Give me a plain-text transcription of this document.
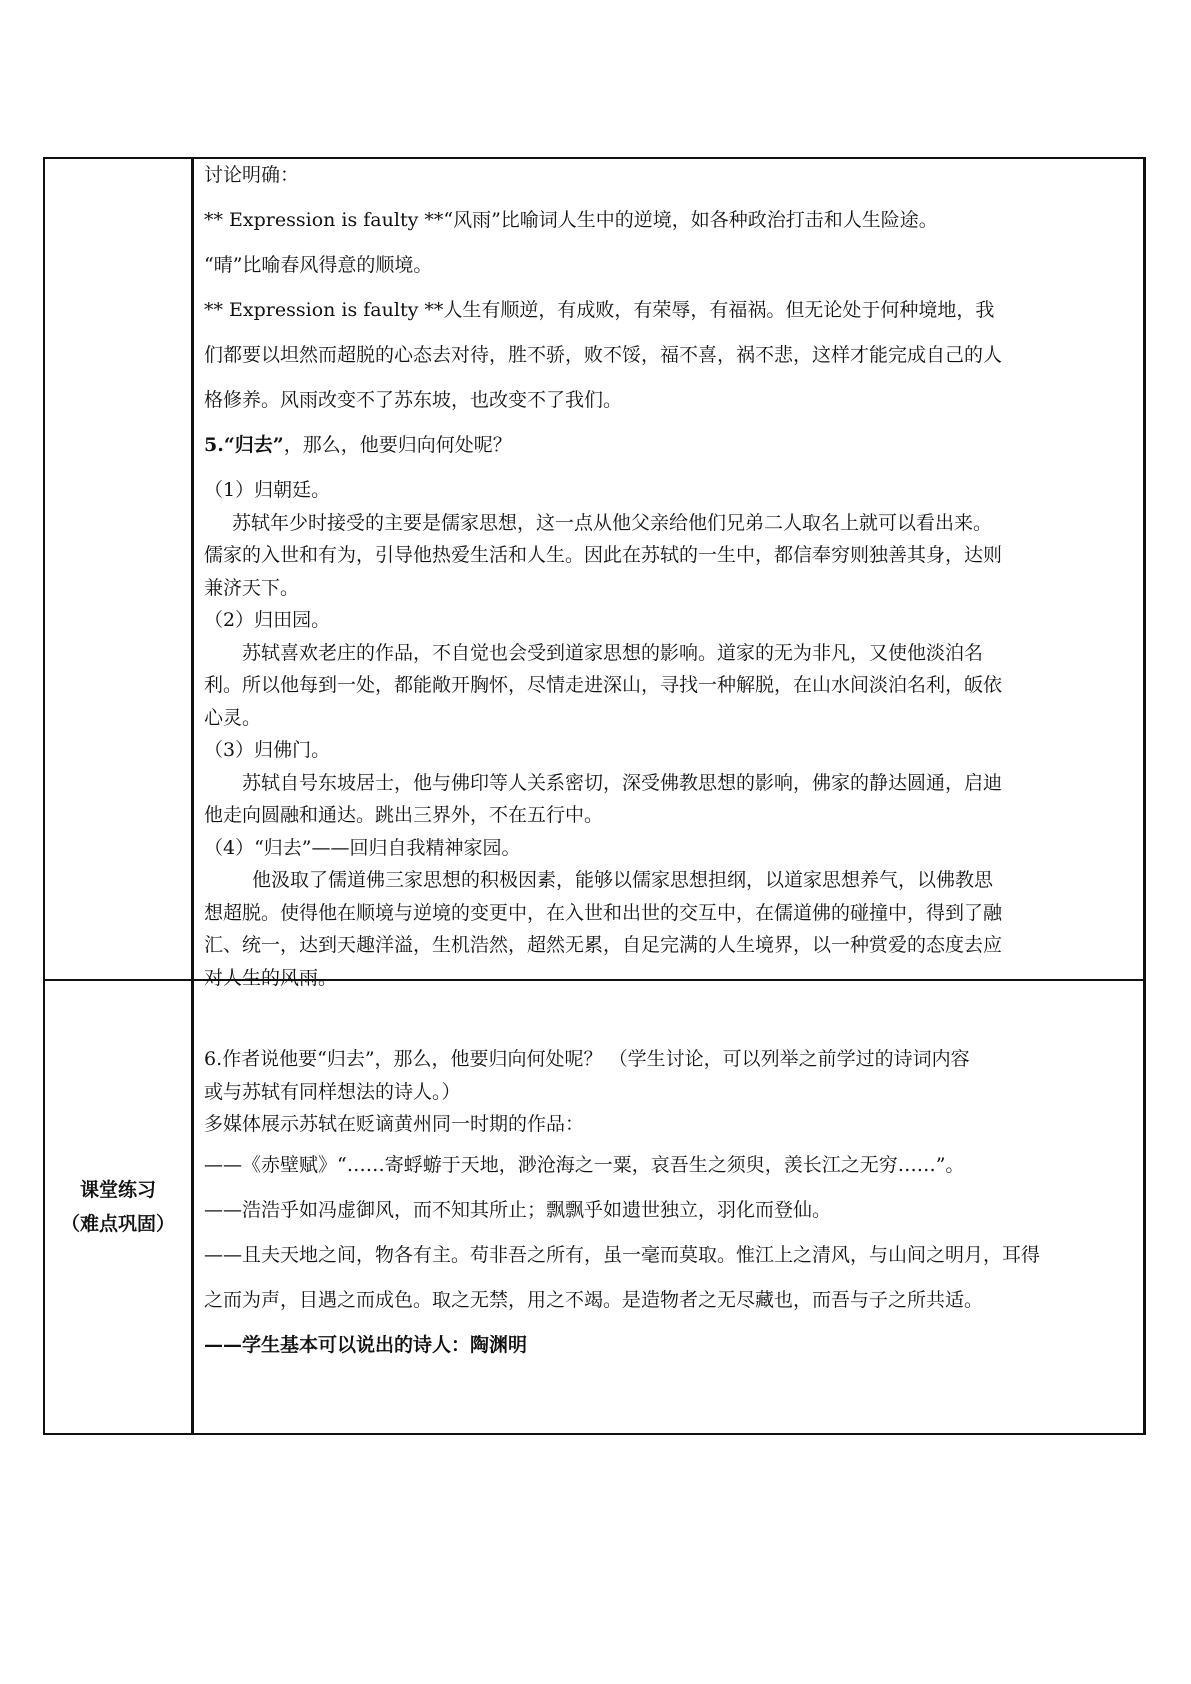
讨论明确：

** Expression is faulty **“风雨”比喻词人生中的逆境，如各种政治打击和人生险途。

“晴”比喻春风得意的顺境。

** Expression is faulty **人生有顺逆，有成败，有荣辱，有福祸。但无论处于何种境地，我

们都要以坦然而超脱的心态去对待，胜不骄，败不馁，福不喜，祸不悲，这样才能完成自己的人

格修养。风雨改变不了苏东坡，也改变不了我们。

5.“归去”，那么，他要归向何处呢？

（1）归朝廷。

苏轼年少时接受的主要是儒家思想，这一点从他父亲给他们兄弟二人取名上就可以看出来。

儒家的入世和有为，引导他热爱生活和人生。因此在苏轼的一生中，都信奉穷则独善其身，达则

兼济天下。

（2）归田园。

苏轼喜欢老庄的作品，不自觉也会受到道家思想的影响。道家的无为非凡，又使他淡泊名

利。所以他每到一处，都能敞开胸怀，尽情走进深山，寻找一种解脱，在山水间淡泊名利，皈依

心灵。

（3）归佛门。

苏轼自号东坡居士，他与佛印等人关系密切，深受佛教思想的影响，佛家的静达圆通，启迪

他走向圆融和通达。跳出三界外，不在五行中。

（4）“归去”——回归自我精神家园。

他汲取了儒道佛三家思想的积极因素，能够以儒家思想担纲，以道家思想养气，以佛教思

想超脱。使得他在顺境与逆境的变更中，在入世和出世的交互中，在儒道佛的碰撞中，得到了融

汇、统一，达到天趣洋溢，生机浩然，超然无累，自足完满的人生境界，以一种赏爱的态度去应

对人生的风雨。

课堂练习
（难点巩固）

6.作者说他要“归去”，那么，他要归向何处呢？ （学生讨论，可以列举之前学过的诗词内容

或与苏轼有同样想法的诗人。）

多媒体展示苏轼在贬谪黄州同一时期的作品：

——《赤壁赋》“……寄蜉蝣于天地，渺沧海之一粟，哀吾生之须臾，羡长江之无穷……”。

——浩浩乎如冯虚御风，而不知其所止；飘飘乎如遗世独立，羽化而登仙。

——且夫天地之间，物各有主。苟非吾之所有，虽一毫而莫取。惟江上之清风，与山间之明月，耳得

之而为声，目遇之而成色。取之无禁，用之不竭。是造物者之无尽藏也，而吾与子之所共适。

——学生基本可以说出的诗人：陶渊明
